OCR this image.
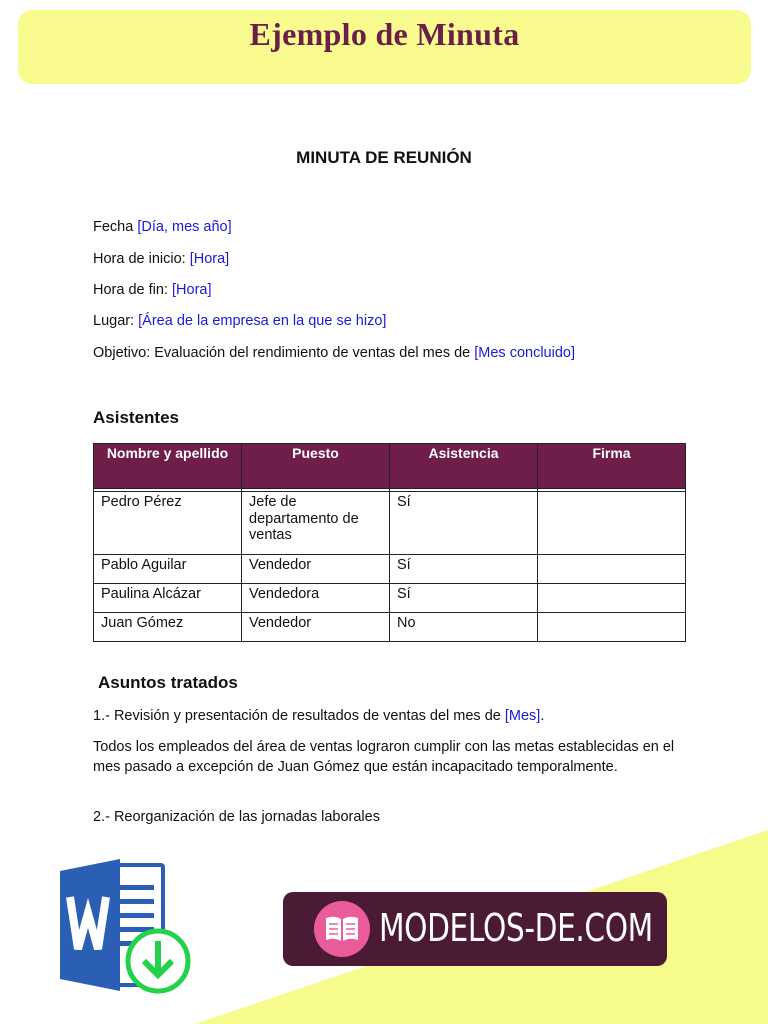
Ejemplo de Minuta
MINUTA DE REUNIÓN
Fecha [Día, mes año]
Hora de inicio: [Hora]
Hora de fin: [Hora]
Lugar: [Área de la empresa en la que se hizo]
Objetivo: Evaluación del rendimiento de ventas del mes de [Mes concluido]
Asistentes
Nombre y apellido	Puesto	Asistencia	Firma

Pedro Pérez	Jefe de departamento de ventas	Sí	
Pablo Aguilar	Vendedor	Sí	
Paulina Alcázar	Vendedora	Sí	
Juan Gómez	Vendedor	No	
Asuntos tratados
1.- Revisión y presentación de resultados de ventas del mes de [Mes].
Todos los empleados del área de ventas lograron cumplir con las metas establecidas en el mes pasado a excepción de Juan Gómez que están incapacitado temporalmente.
2.- Reorganización de las jornadas laborales
MODELOS-DE.COM
